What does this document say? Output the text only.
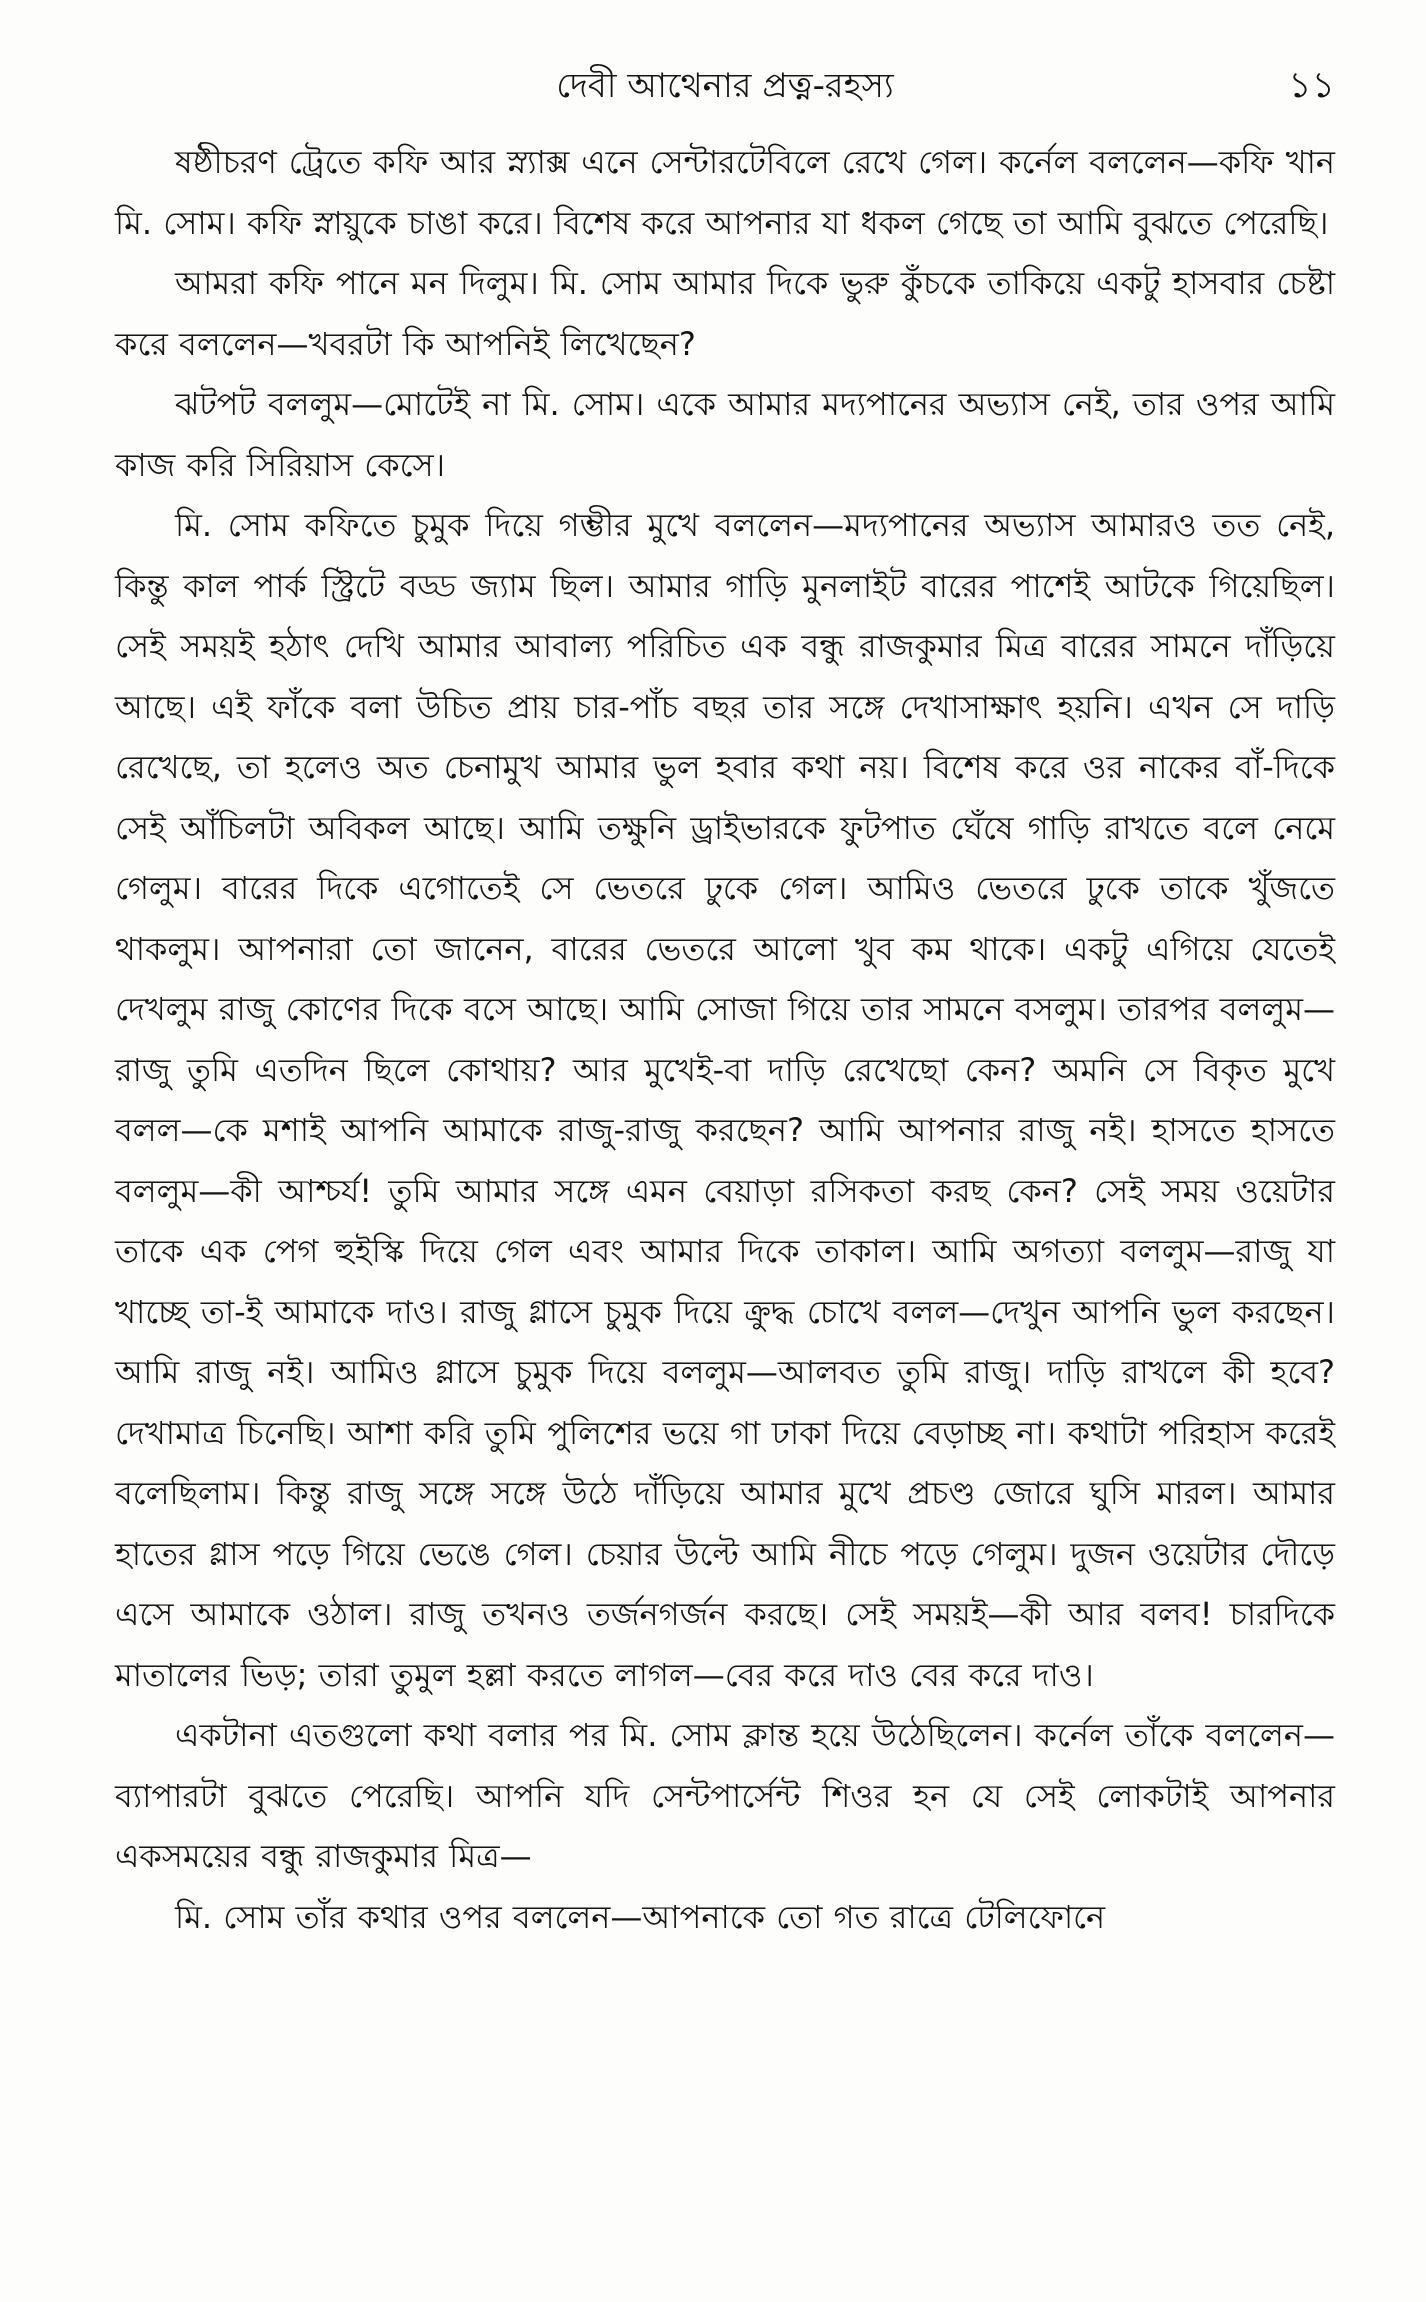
দেবী আথেনার প্রত্ন-রহস্য	১১

ষষ্ঠীচরণ ট্রেতে কফি আর স্ন্যাক্স এনে সেন্টারটেবিলে রেখে গেল। কর্নেল বললেন—কফি খান মি. সোম। কফি স্নায়ুকে চাঙা করে। বিশেষ করে আপনার যা ধকল গেছে তা আমি বুঝতে পেরেছি।

আমরা কফি পানে মন দিলুম। মি. সোম আমার দিকে ভুরু কুঁচকে তাকিয়ে একটু হাসবার চেষ্টা করে বললেন—খবরটা কি আপনিই লিখেছেন?

ঝটপট বললুম—মোটেই না মি. সোম। একে আমার মদ্যপানের অভ্যাস নেই, তার ওপর আমি কাজ করি সিরিয়াস কেসে।

মি. সোম কফিতে চুমুক দিয়ে গম্ভীর মুখে বললেন—মদ্যপানের অভ্যাস আমারও তত নেই, কিন্তু কাল পার্ক স্ট্রিটে বড্ড জ্যাম ছিল। আমার গাড়ি মুনলাইট বারের পাশেই আটকে গিয়েছিল। সেই সময়ই হঠাৎ দেখি আমার আবাল্য পরিচিত এক বন্ধু রাজকুমার মিত্র বারের সামনে দাঁড়িয়ে আছে। এই ফাঁকে বলা উচিত প্রায় চার-পাঁচ বছর তার সঙ্গে দেখাসাক্ষাৎ হয়নি। এখন সে দাড়ি রেখেছে, তা হলেও অত চেনামুখ আমার ভুল হবার কথা নয়। বিশেষ করে ওর নাকের বাঁ-দিকে সেই আঁচিলটা অবিকল আছে। আমি তক্ষুনি ড্রাইভারকে ফুটপাত ঘেঁষে গাড়ি রাখতে বলে নেমে গেলুম। বারের দিকে এগোতেই সে ভেতরে ঢুকে গেল। আমিও ভেতরে ঢুকে তাকে খুঁজতে থাকলুম। আপনারা তো জানেন, বারের ভেতরে আলো খুব কম থাকে। একটু এগিয়ে যেতেই দেখলুম রাজু কোণের দিকে বসে আছে। আমি সোজা গিয়ে তার সামনে বসলুম। তারপর বললুম—রাজু তুমি এতদিন ছিলে কোথায়? আর মুখেই-বা দাড়ি রেখেছো কেন? অমনি সে বিকৃত মুখে বলল—কে মশাই আপনি আমাকে রাজু-রাজু করছেন? আমি আপনার রাজু নই। হাসতে হাসতে বললুম—কী আশ্চর্য! তুমি আমার সঙ্গে এমন বেয়াড়া রসিকতা করছ কেন? সেই সময় ওয়েটার তাকে এক পেগ হুইস্কি দিয়ে গেল এবং আমার দিকে তাকাল। আমি অগত্যা বললুম—রাজু যা খাচ্ছে তা-ই আমাকে দাও। রাজু গ্লাসে চুমুক দিয়ে ক্রুদ্ধ চোখে বলল—দেখুন আপনি ভুল করছেন। আমি রাজু নই। আমিও গ্লাসে চুমুক দিয়ে বললুম—আলবত তুমি রাজু। দাড়ি রাখলে কী হবে? দেখামাত্র চিনেছি। আশা করি তুমি পুলিশের ভয়ে গা ঢাকা দিয়ে বেড়াচ্ছ না। কথাটা পরিহাস করেই বলেছিলাম। কিন্তু রাজু সঙ্গে সঙ্গে উঠে দাঁড়িয়ে আমার মুখে প্রচণ্ড জোরে ঘুসি মারল। আমার হাতের গ্লাস পড়ে গিয়ে ভেঙে গেল। চেয়ার উল্টে আমি নীচে পড়ে গেলুম। দুজন ওয়েটার দৌড়ে এসে আমাকে ওঠাল। রাজু তখনও তর্জনগর্জন করছে। সেই সময়ই—কী আর বলব! চারদিকে মাতালের ভিড়; তারা তুমুল হল্লা করতে লাগল—বের করে দাও বের করে দাও।

একটানা এতগুলো কথা বলার পর মি. সোম ক্লান্ত হয়ে উঠেছিলেন। কর্নেল তাঁকে বললেন—ব্যাপারটা বুঝতে পেরেছি। আপনি যদি সেন্টপার্সেন্ট শিওর হন যে সেই লোকটাই আপনার একসময়ের বন্ধু রাজকুমার মিত্র—

মি. সোম তাঁর কথার ওপর বললেন—আপনাকে তো গত রাত্রে টেলিফোনে
